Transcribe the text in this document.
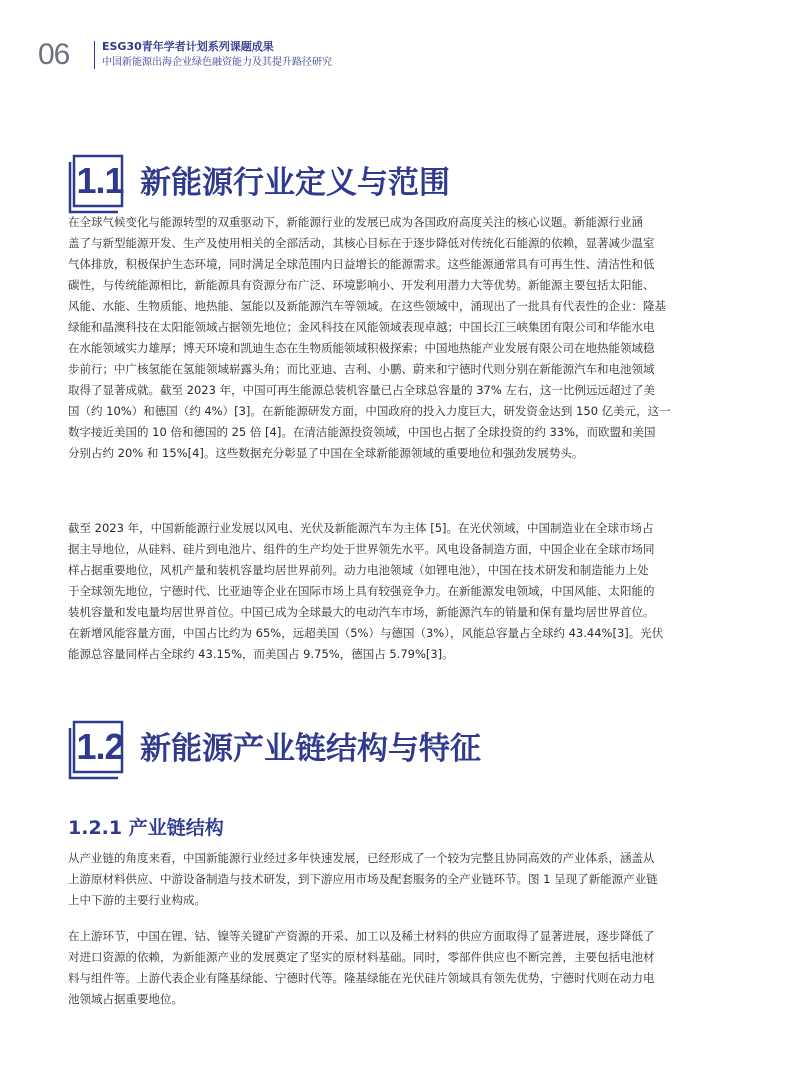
06	ESG30青年学者计划系列课题成果
中国新能源出海企业绿色融资能力及其提升路径研究
1.1 新能源行业定义与范围
在全球气候变化与能源转型的双重驱动下，新能源行业的发展已成为各国政府高度关注的核心议题。新能源行业涵
盖了与新型能源开发、生产及使用相关的全部活动，其核心目标在于逐步降低对传统化石能源的依赖，显著减少温室
气体排放，积极保护生态环境，同时满足全球范围内日益增长的能源需求。这些能源通常具有可再生性、清洁性和低
碳性，与传统能源相比，新能源具有资源分布广泛、环境影响小、开发利用潜力大等优势。新能源主要包括太阳能、
风能、水能、生物质能、地热能、氢能以及新能源汽车等领域。在这些领域中，涌现出了一批具有代表性的企业：隆基
绿能和晶澳科技在太阳能领域占据领先地位；金风科技在风能领域表现卓越；中国长江三峡集团有限公司和华能水电
在水能领域实力雄厚；博天环境和凯迪生态在生物质能领域积极探索；中国地热能产业发展有限公司在地热能领域稳
步前行；中广核氢能在氢能领域崭露头角；而比亚迪、吉利、小鹏、蔚来和宁德时代则分别在新能源汽车和电池领域
取得了显著成就。截至 2023 年，中国可再生能源总装机容量已占全球总容量的 37% 左右，这一比例远远超过了美
国（约 10%）和德国（约 4%）[3]。在新能源研发方面，中国政府的投入力度巨大，研发资金达到 150 亿美元，这一
数字接近美国的 10 倍和德国的 25 倍 [4]。在清洁能源投资领域，中国也占据了全球投资的约 33%，而欧盟和美国
分别占约 20% 和 15%[4]。这些数据充分彰显了中国在全球新能源领域的重要地位和强劲发展势头。
截至 2023 年，中国新能源行业发展以风电、光伏及新能源汽车为主体 [5]。在光伏领域，中国制造业在全球市场占
据主导地位，从硅料、硅片到电池片、组件的生产均处于世界领先水平。风电设备制造方面，中国企业在全球市场同
样占据重要地位，风机产量和装机容量均居世界前列。动力电池领域（如锂电池），中国在技术研发和制造能力上处
于全球领先地位，宁德时代、比亚迪等企业在国际市场上具有较强竞争力。在新能源发电领域，中国风能、太阳能的
装机容量和发电量均居世界首位。中国已成为全球最大的电动汽车市场，新能源汽车的销量和保有量均居世界首位。
在新增风能容量方面，中国占比约为 65%，远超美国（5%）与德国（3%），风能总容量占全球约 43.44%[3]。光伏
能源总容量同样占全球约 43.15%，而美国占 9.75%，德国占 5.79%[3]。
1.2 新能源产业链结构与特征
1.2.1 产业链结构
从产业链的角度来看，中国新能源行业经过多年快速发展，已经形成了一个较为完整且协同高效的产业体系，涵盖从
上游原材料供应、中游设备制造与技术研发，到下游应用市场及配套服务的全产业链环节。图 1 呈现了新能源产业链
上中下游的主要行业构成。
在上游环节，中国在锂、钴、镍等关键矿产资源的开采、加工以及稀土材料的供应方面取得了显著进展，逐步降低了
对进口资源的依赖，为新能源产业的发展奠定了坚实的原材料基础。同时，零部件供应也不断完善，主要包括电池材
料与组件等。上游代表企业有隆基绿能、宁德时代等。隆基绿能在光伏硅片领域具有领先优势，宁德时代则在动力电
池领域占据重要地位。
